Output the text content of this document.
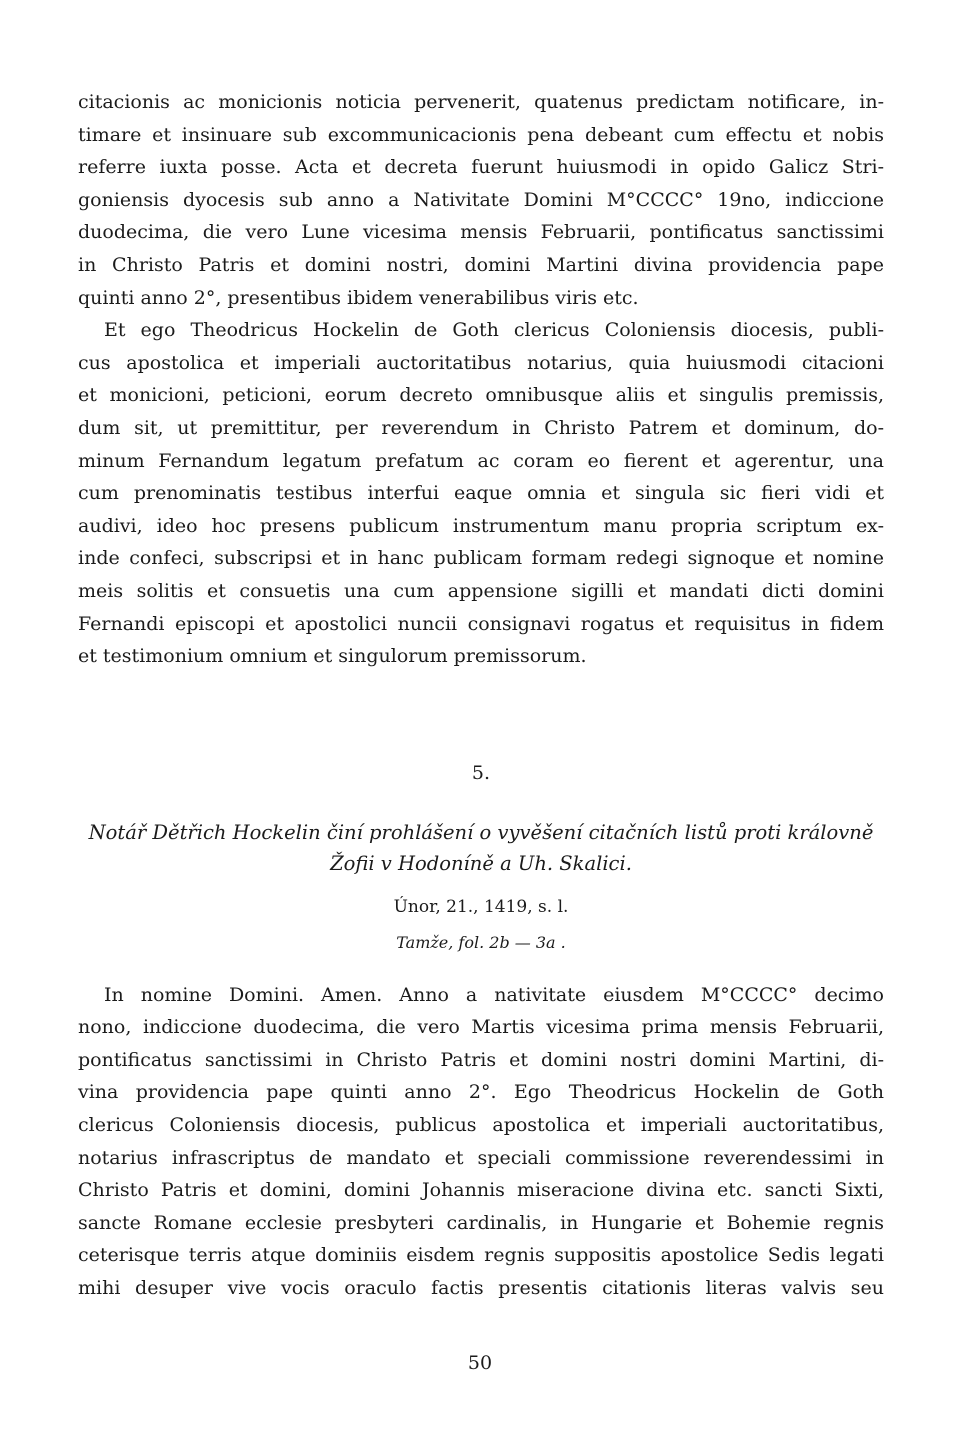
citacionis ac monicionis noticia pervenerit, quatenus predictam notificare, in-
timare et insinuare sub excommunicacionis pena debeant cum effectu et nobis
referre iuxta posse. Acta et decreta fuerunt huiusmodi in opido Galicz Stri-
goniensis dyocesis sub anno a Nativitate Domini M°CCCC° 19no, indiccione
duodecima, die vero Lune vicesima mensis Februarii, pontificatus sanctissimi
in Christo Patris et domini nostri, domini Martini divina providencia pape
quinti anno 2°, presentibus ibidem venerabilibus viris etc.
Et ego Theodricus Hockelin de Goth clericus Coloniensis diocesis, publi-
cus apostolica et imperiali auctoritatibus notarius, quia huiusmodi citacioni
et monicioni, peticioni, eorum decreto omnibusque aliis et singulis premissis,
dum sit, ut premittitur, per reverendum in Christo Patrem et dominum, do-
minum Fernandum legatum prefatum ac coram eo fierent et agerentur, una
cum prenominatis testibus interfui eaque omnia et singula sic fieri vidi et
audivi, ideo hoc presens publicum instrumentum manu propria scriptum ex-
inde confeci, subscripsi et in hanc publicam formam redegi signoque et nomine
meis solitis et consuetis una cum appensione sigilli et mandati dicti domini
Fernandi episcopi et apostolici nuncii consignavi rogatus et requisitus in fidem
et testimonium omnium et singulorum premissorum.
5.
Notář Dětřich Hockelin činí prohlášení o vyvěšení citačních listů proti královně
Žofii v Hodoníně a Uh. Skalici.
Únor, 21., 1419, s. l.
Tamže, fol. 2b — 3a .
In nomine Domini. Amen. Anno a nativitate eiusdem M°CCCC° decimo
nono, indiccione duodecima, die vero Martis vicesima prima mensis Februarii,
pontificatus sanctissimi in Christo Patris et domini nostri domini Martini, di-
vina providencia pape quinti anno 2°. Ego Theodricus Hockelin de Goth
clericus Coloniensis diocesis, publicus apostolica et imperiali auctoritatibus,
notarius infrascriptus de mandato et speciali commissione reverendessimi in
Christo Patris et domini, domini Johannis miseracione divina etc. sancti Sixti,
sancte Romane ecclesie presbyteri cardinalis, in Hungarie et Bohemie regnis
ceterisque terris atque dominiis eisdem regnis suppositis apostolice Sedis legati
mihi desuper vive vocis oraculo factis presentis citationis literas valvis seu
50
